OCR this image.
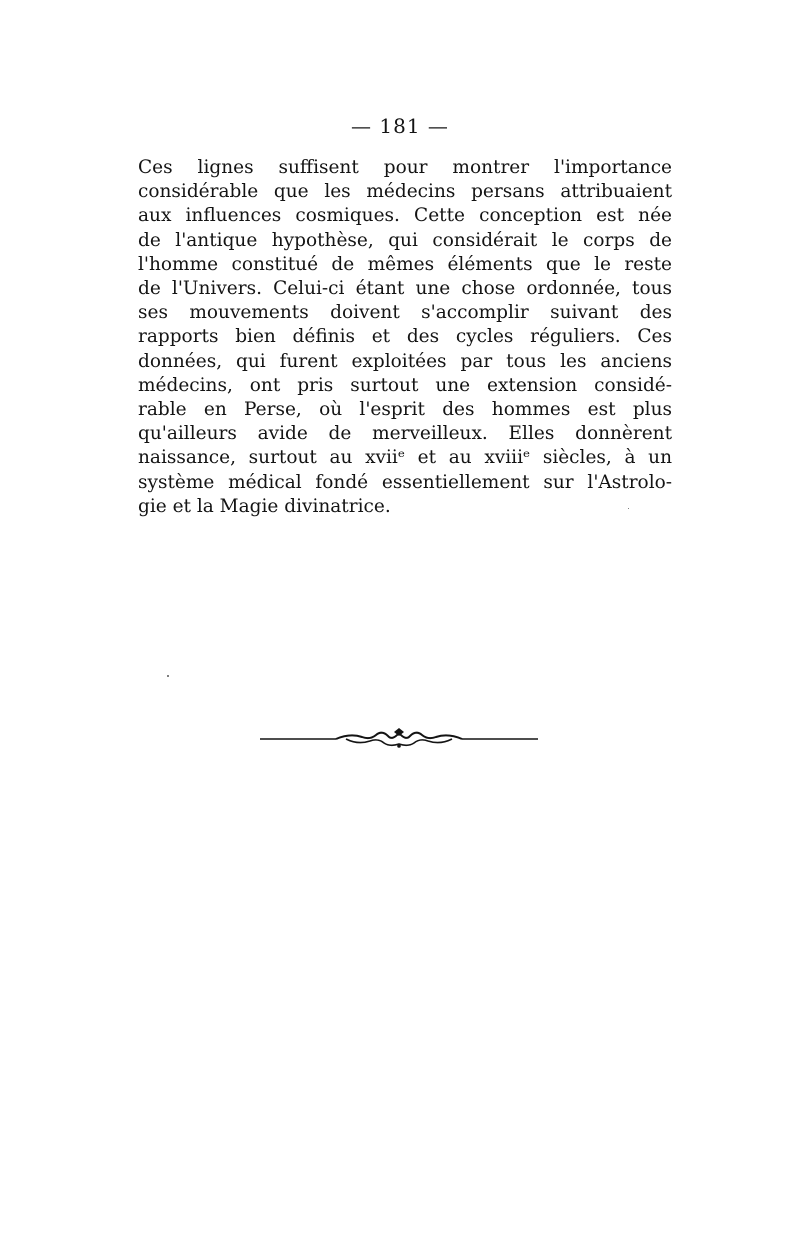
— 181 —

Ces lignes suffisent pour montrer l'importance
considérable que les médecins persans attribuaient
aux influences cosmiques. Cette conception est née
de l'antique hypothèse, qui considérait le corps de
l'homme constitué de mêmes éléments que le reste
de l'Univers. Celui-ci étant une chose ordonnée, tous
ses mouvements doivent s'accomplir suivant des
rapports bien définis et des cycles réguliers. Ces
données, qui furent exploitées par tous les anciens
médecins, ont pris surtout une extension considé-
rable en Perse, où l'esprit des hommes est plus
qu'ailleurs avide de merveilleux. Elles donnèrent
naissance, surtout au xviiᵉ et au xviiiᵉ siècles, à un
système médical fondé essentiellement sur l'Astrolo-
gie et la Magie divinatrice.
